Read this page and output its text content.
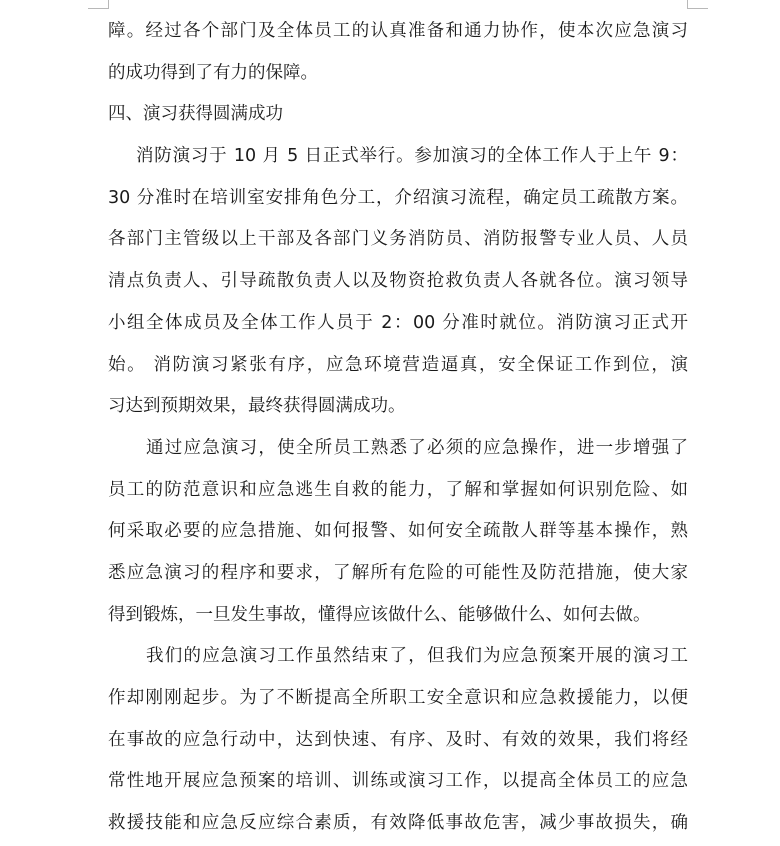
障。经过各个部门及全体员工的认真准备和通力协作，使本次应急演习
的成功得到了有力的保障。
四、演习获得圆满成功
消防演习于 10 月 5 日正式举行。参加演习的全体工作人于上午 9：
30 分准时在培训室安排角色分工，介绍演习流程，确定员工疏散方案。
各部门主管级以上干部及各部门义务消防员、消防报警专业人员、人员
清点负责人、引导疏散负责人以及物资抢救负责人各就各位。演习领导
小组全体成员及全体工作人员于 2：00 分准时就位。消防演习正式开
始。 消防演习紧张有序，应急环境营造逼真，安全保证工作到位，演
习达到预期效果，最终获得圆满成功。
通过应急演习，使全所员工熟悉了必须的应急操作，进一步增强了
员工的防范意识和应急逃生自救的能力，了解和掌握如何识别危险、如
何采取必要的应急措施、如何报警、如何安全疏散人群等基本操作，熟
悉应急演习的程序和要求，了解所有危险的可能性及防范措施，使大家
得到锻炼，一旦发生事故，懂得应该做什么、能够做什么、如何去做。
我们的应急演习工作虽然结束了，但我们为应急预案开展的演习工
作却刚刚起步。为了不断提高全所职工安全意识和应急救援能力，以便
在事故的应急行动中，达到快速、有序、及时、有效的效果，我们将经
常性地开展应急预案的培训、训练或演习工作，以提高全体员工的应急
救援技能和应急反应综合素质，有效降低事故危害，减少事故损失，确
